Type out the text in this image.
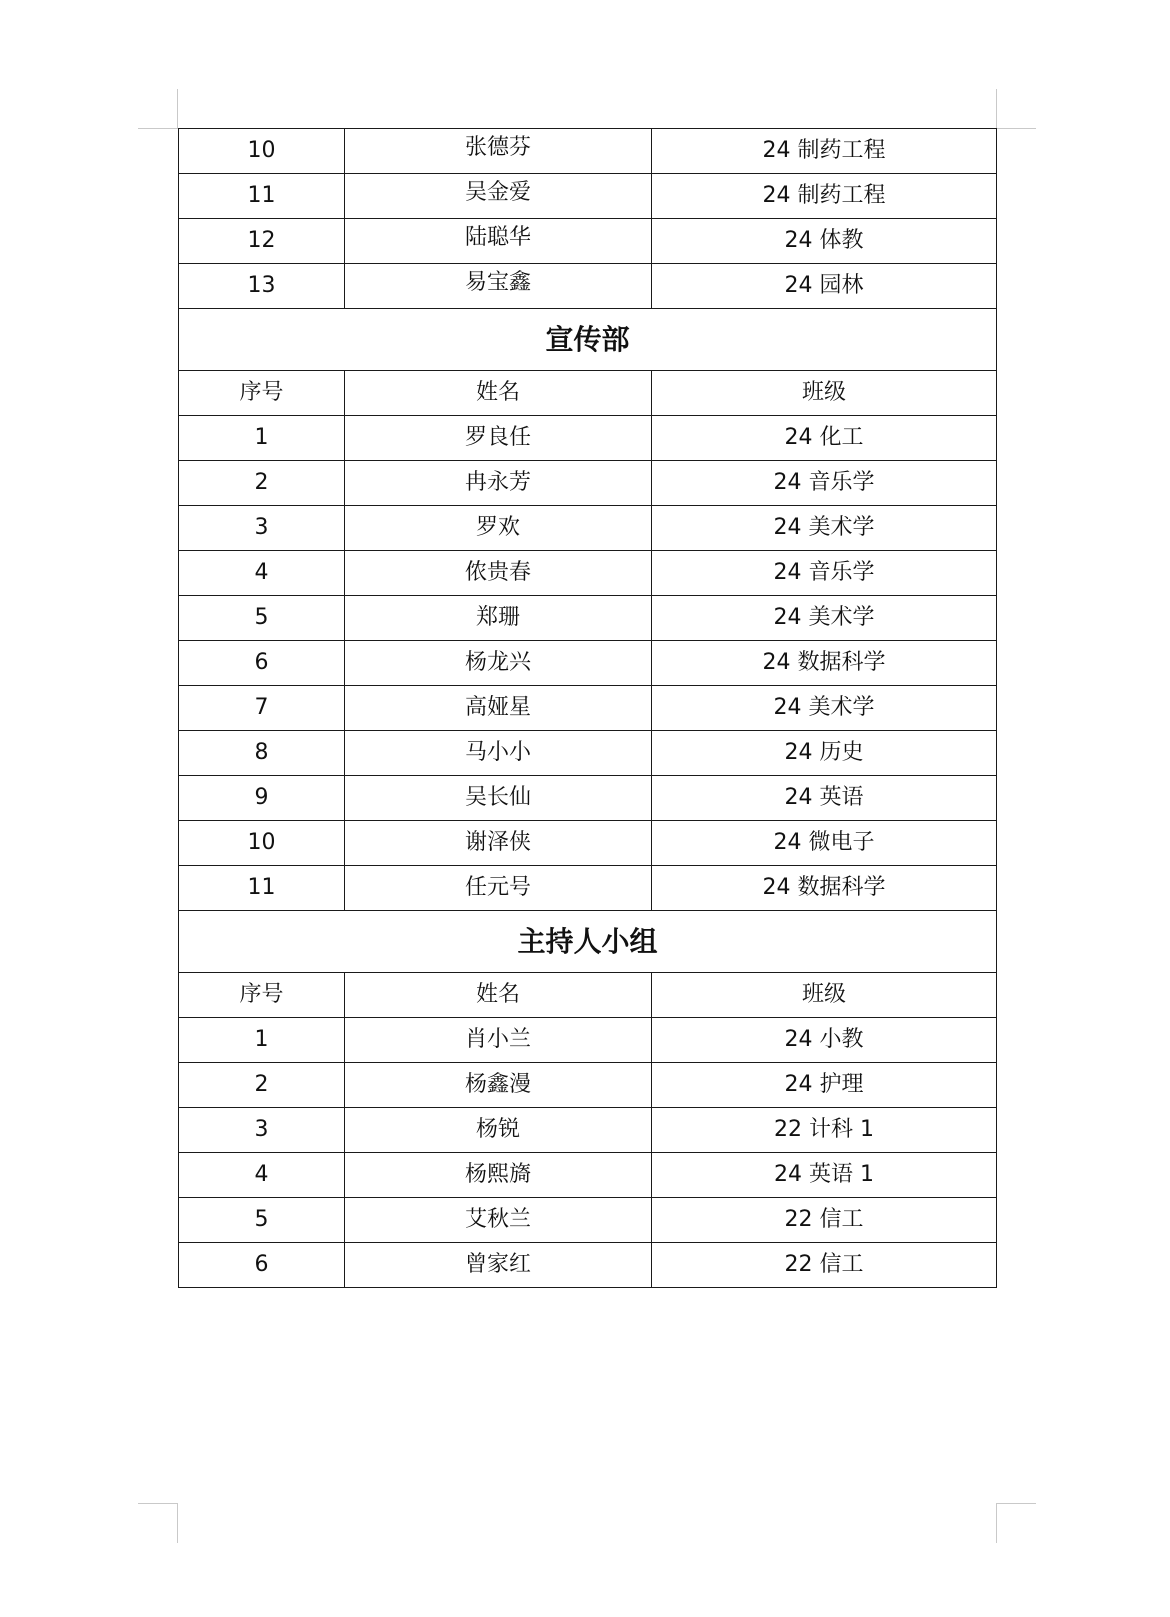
10	张德芬	24 制药工程
11	吴金爱	24 制药工程
12	陆聪华	24 体教
13	易宝鑫	24 园林
宣传部		
序号	姓名	班级
1	罗良任	24 化工
2	冉永芳	24 音乐学
3	罗欢	24 美术学
4	侬贵春	24 音乐学
5	郑珊	24 美术学
6	杨龙兴	24 数据科学
7	高娅星	24 美术学
8	马小小	24 历史
9	吴长仙	24 英语
10	谢泽侠	24 微电子
11	任元号	24 数据科学
主持人小组		
序号	姓名	班级
1	肖小兰	24 小教
2	杨鑫漫	24 护理
3	杨锐	22 计科 1
4	杨熙旖	24 英语 1
5	艾秋兰	22 信工
6	曾家红	22 信工
